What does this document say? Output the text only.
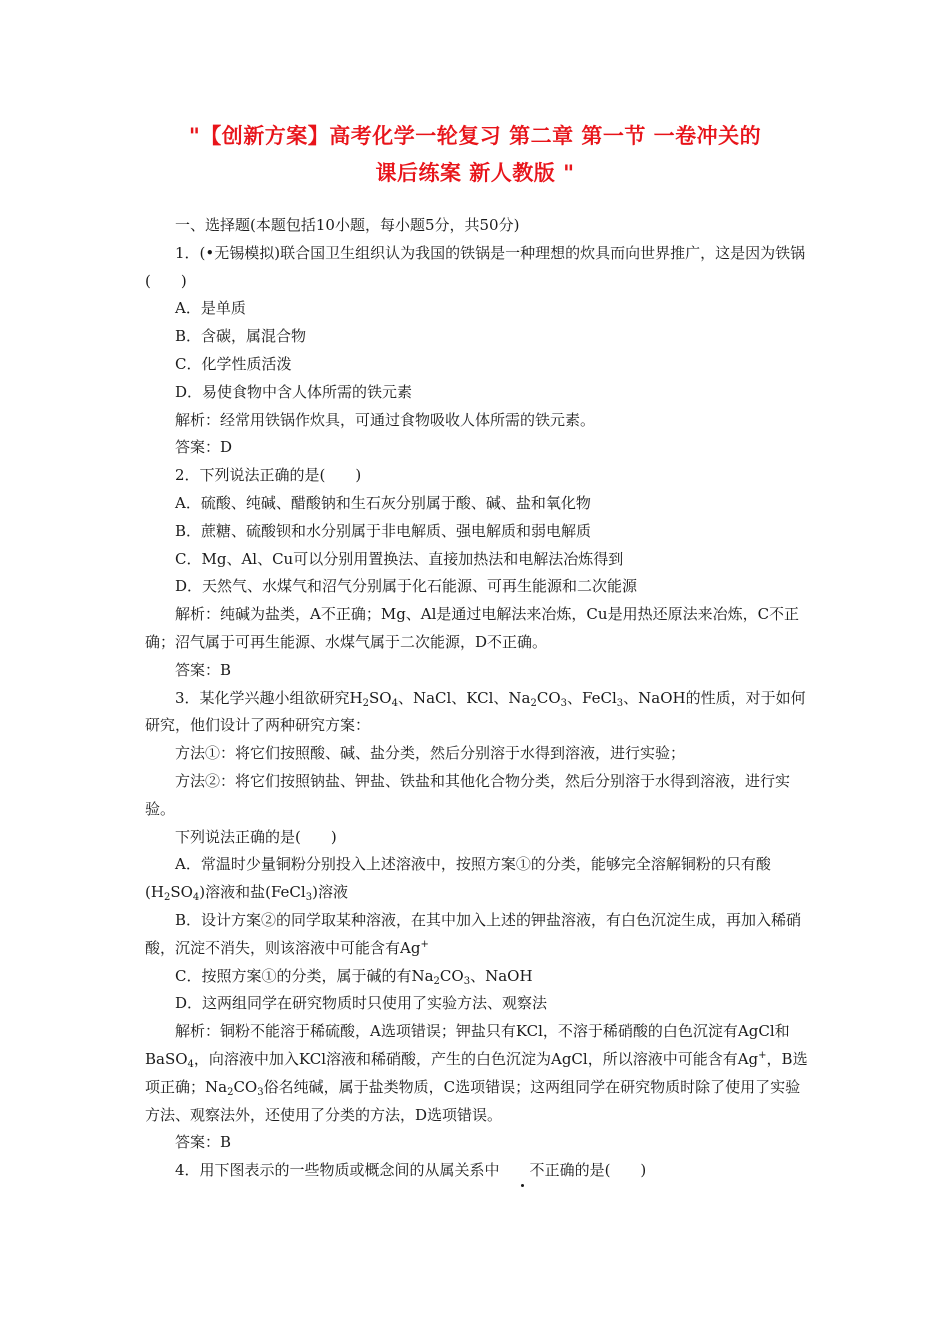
"【创新方案】高考化学一轮复习 第二章 第一节 一卷冲关的
课后练案 新人教版 "

一、选择题(本题包括10小题，每小题5分，共50分)

1．(•无锡模拟)联合国卫生组织认为我国的铁锅是一种理想的炊具而向世界推广，这是因为铁锅(　　)

A．是单质

B．含碳，属混合物

C．化学性质活泼

D．易使食物中含人体所需的铁元素

解析：经常用铁锅作炊具，可通过食物吸收人体所需的铁元素。

答案：D

2．下列说法正确的是(　　)

A．硫酸、纯碱、醋酸钠和生石灰分别属于酸、碱、盐和氧化物

B．蔗糖、硫酸钡和水分别属于非电解质、强电解质和弱电解质

C．Mg、Al、Cu可以分别用置换法、直接加热法和电解法冶炼得到

D．天然气、水煤气和沼气分别属于化石能源、可再生能源和二次能源

解析：纯碱为盐类，A不正确；Mg、Al是通过电解法来冶炼，Cu是用热还原法来冶炼，C不正确；沼气属于可再生能源、水煤气属于二次能源，D不正确。

答案：B

3．某化学兴趣小组欲研究$H_2SO_4$、NaCl、KCl、$Na_2CO_3$、FeCl$_3$、NaOH的性质，对于如何研究，他们设计了两种研究方案：

方法①：将它们按照酸、碱、盐分类，然后分别溶于水得到溶液，进行实验；

方法②：将它们按照钠盐、钾盐、铁盐和其他化合物分类，然后分别溶于水得到溶液，进行实验。

下列说法正确的是(　　)

A．常温时少量铜粉分别投入上述溶液中，按照方案①的分类，能够完全溶解铜粉的只有酸$(H_2SO_4)$溶液和盐(FeCl$_3$)溶液

B．设计方案②的同学取某种溶液，在其中加入上述的钾盐溶液，有白色沉淀生成，再加入稀硝酸，沉淀不消失，则该溶液中可能含有Ag+

C．按照方案①的分类，属于碱的有$Na_2CO_3$、NaOH

D．这两组同学在研究物质时只使用了实验方法、观察法

解析：铜粉不能溶于稀硫酸，A选项错误；钾盐只有KCl，不溶于稀硝酸的白色沉淀有AgCl和BaSO$_4$，向溶液中加入KCl溶液和稀硝酸，产生的白色沉淀为AgCl，所以溶液中可能含有Ag+，B选项正确；$Na_2CO_3$俗名纯碱，属于盐类物质，C选项错误；这两组同学在研究物质时除了使用了实验方法、观察法外，还使用了分类的方法，D选项错误。

答案：B

4．用下图表示的一些物质或概念间的从属关系中 不正确的是(　　)
